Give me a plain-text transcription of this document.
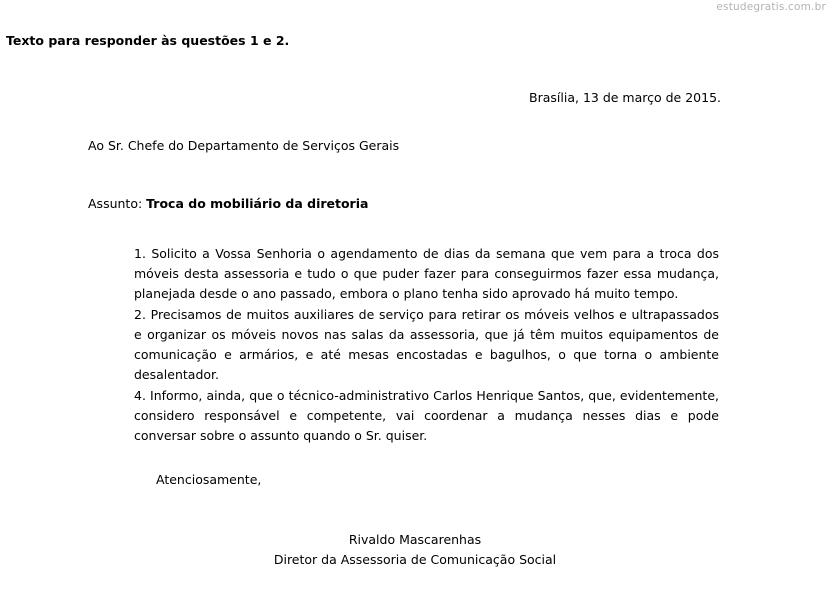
estudegratis.com.br
Texto para responder às questões 1 e 2.
Brasília, 13 de março de 2015.
Ao Sr. Chefe do Departamento de Serviços Gerais
Assunto: Troca do mobiliário da diretoria

1. Solicito a Vossa Senhoria o agendamento de dias da semana que vem para a troca dos móveis desta assessoria e tudo o que puder fazer para conseguirmos fazer essa mudança, planejada desde o ano passado, embora o plano tenha sido aprovado há muito tempo.

2. Precisamos de muitos auxiliares de serviço para retirar os móveis velhos e ultrapassados e organizar os móveis novos nas salas da assessoria, que já têm muitos equipamentos de comunicação e armários, e até mesas encostadas e bagulhos, o que torna o ambiente desalentador.

4. Informo, ainda, que o técnico-administrativo Carlos Henrique Santos, que, evidentemente, considero responsável e competente, vai coordenar a mudança nesses dias e pode conversar sobre o assunto quando o Sr. quiser.

Atenciosamente,
Rivaldo Mascarenhas
Diretor da Assessoria de Comunicação Social
